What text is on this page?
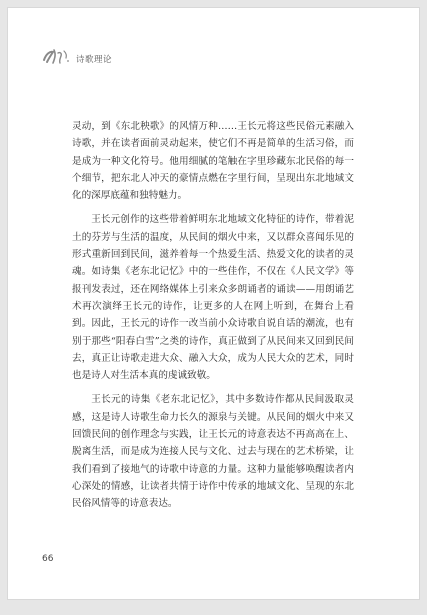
诗歌理论

灵动，到《东北秧歌》的风情万种……王长元将这些民俗元素融入诗歌，并在读者面前灵动起来，使它们不再是简单的生活习俗，而是成为一种文化符号。他用细腻的笔触在字里珍藏东北民俗的每一个细节，把东北人冲天的豪情点燃在字里行间，呈现出东北地域文化的深厚底蕴和独特魅力。

王长元创作的这些带着鲜明东北地域文化特征的诗作，带着泥土的芬芳与生活的温度，从民间的烟火中来，又以群众喜闻乐见的形式重新回到民间，滋养着每一个热爱生活、热爱文化的读者的灵魂。如诗集《老东北记忆》中的一些佳作，不仅在《人民文学》等报刊发表过，还在网络媒体上引来众多朗诵者的诵读——用朗诵艺术再次演绎王长元的诗作，让更多的人在网上听到，在舞台上看到。因此，王长元的诗作一改当前小众诗歌自说自话的潮流，也有别于那些“阳春白雪”之类的诗作，真正做到了从民间来又回到民间去，真正让诗歌走进大众、融入大众，成为人民大众的艺术，同时也是诗人对生活本真的虔诚致敬。

王长元的诗集《老东北记忆》，其中多数诗作都从民间汲取灵感，这是诗人诗歌生命力长久的源泉与关键。从民间的烟火中来又回馈民间的创作理念与实践，让王长元的诗意表达不再高高在上、脱离生活，而是成为连接人民与文化、过去与现在的艺术桥梁，让我们看到了接地气的诗歌中诗意的力量。这种力量能够唤醒读者内心深处的情感，让读者共情于诗作中传承的地域文化、呈现的东北民俗风情等的诗意表达。

66
